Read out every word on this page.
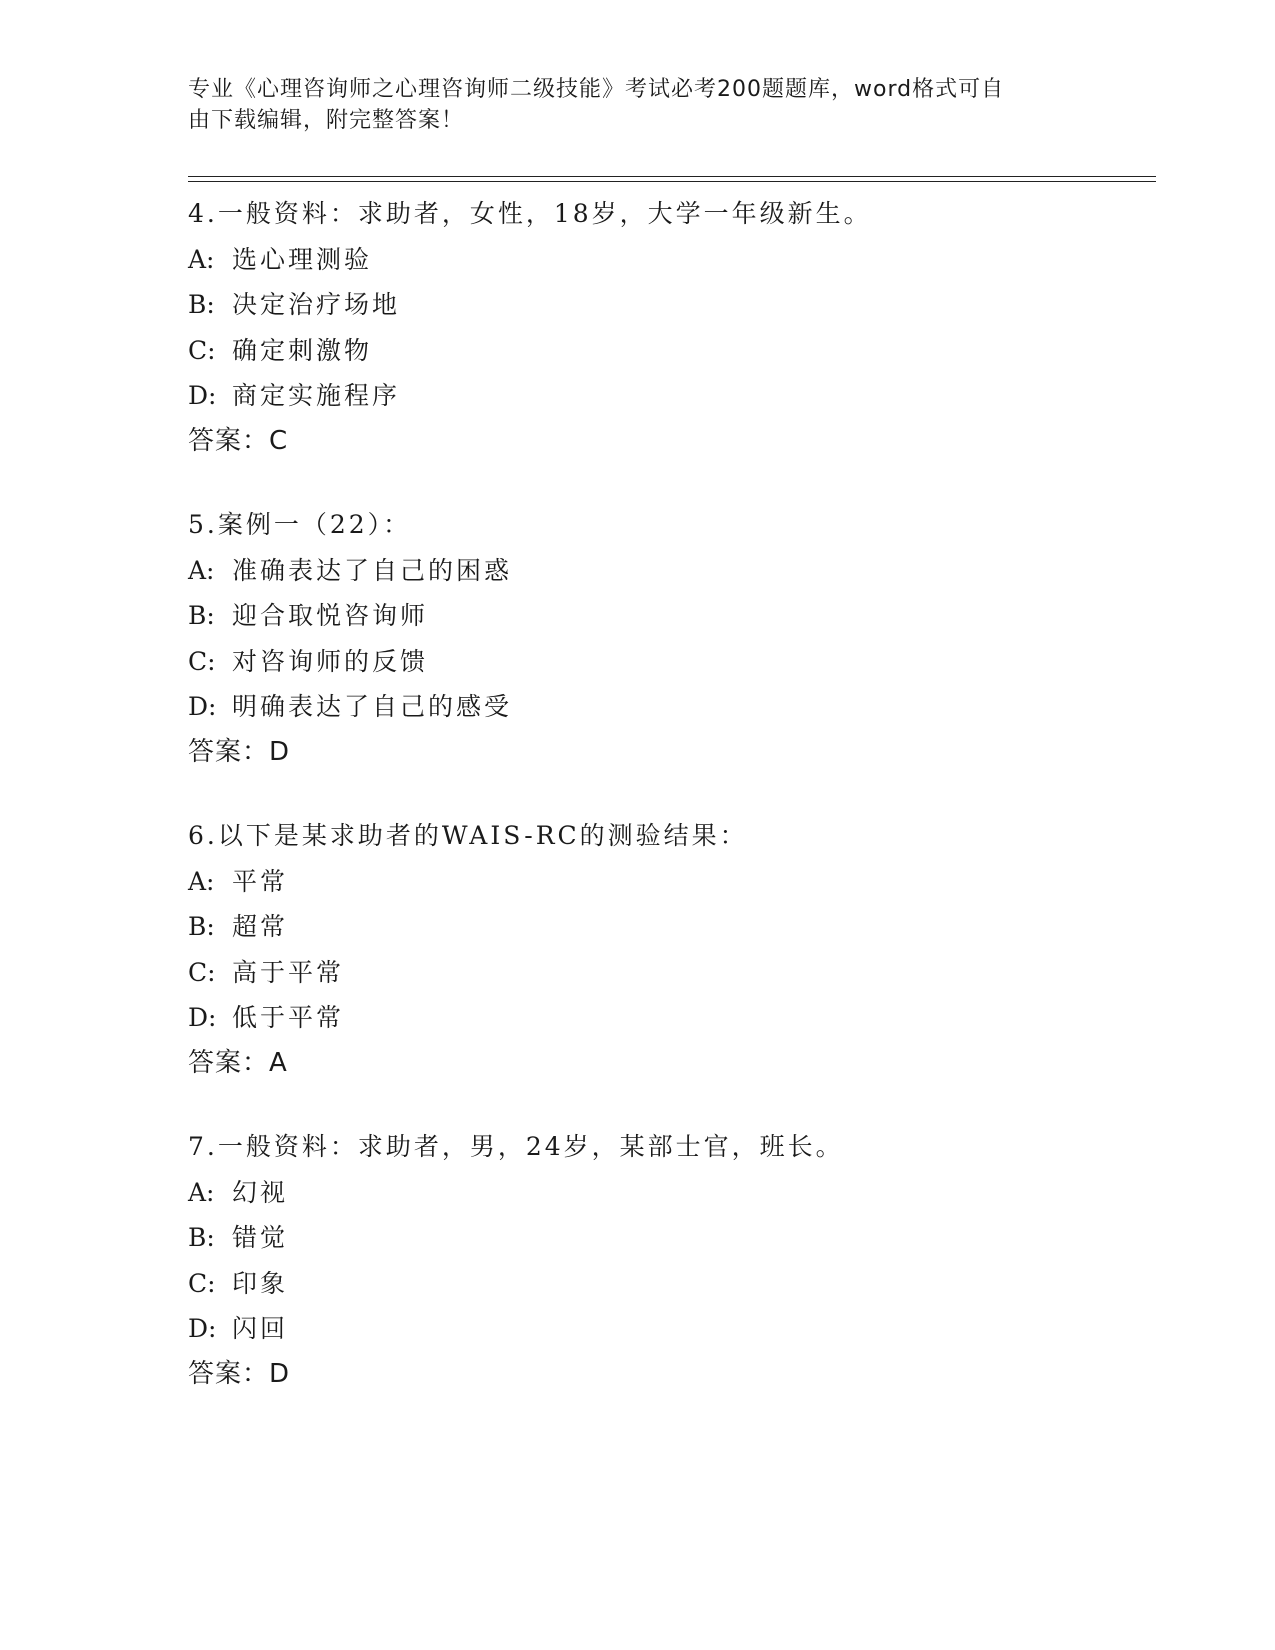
专业《心理咨询师之心理咨询师二级技能》考试必考200题题库，word格式可自
由下载编辑，附完整答案！
4.一般资料：求助者，女性，18岁，大学一年级新生。
A: 选心理测验
B: 决定治疗场地
C: 确定刺激物
D: 商定实施程序
答案：C
5.案例一（22）：
A: 准确表达了自己的困惑
B: 迎合取悦咨询师
C: 对咨询师的反馈
D: 明确表达了自己的感受
答案：D
6.以下是某求助者的WAIS-RC的测验结果：
A: 平常
B: 超常
C: 高于平常
D: 低于平常
答案：A
7.一般资料：求助者，男，24岁，某部士官，班长。
A: 幻视
B: 错觉
C: 印象
D: 闪回
答案：D
